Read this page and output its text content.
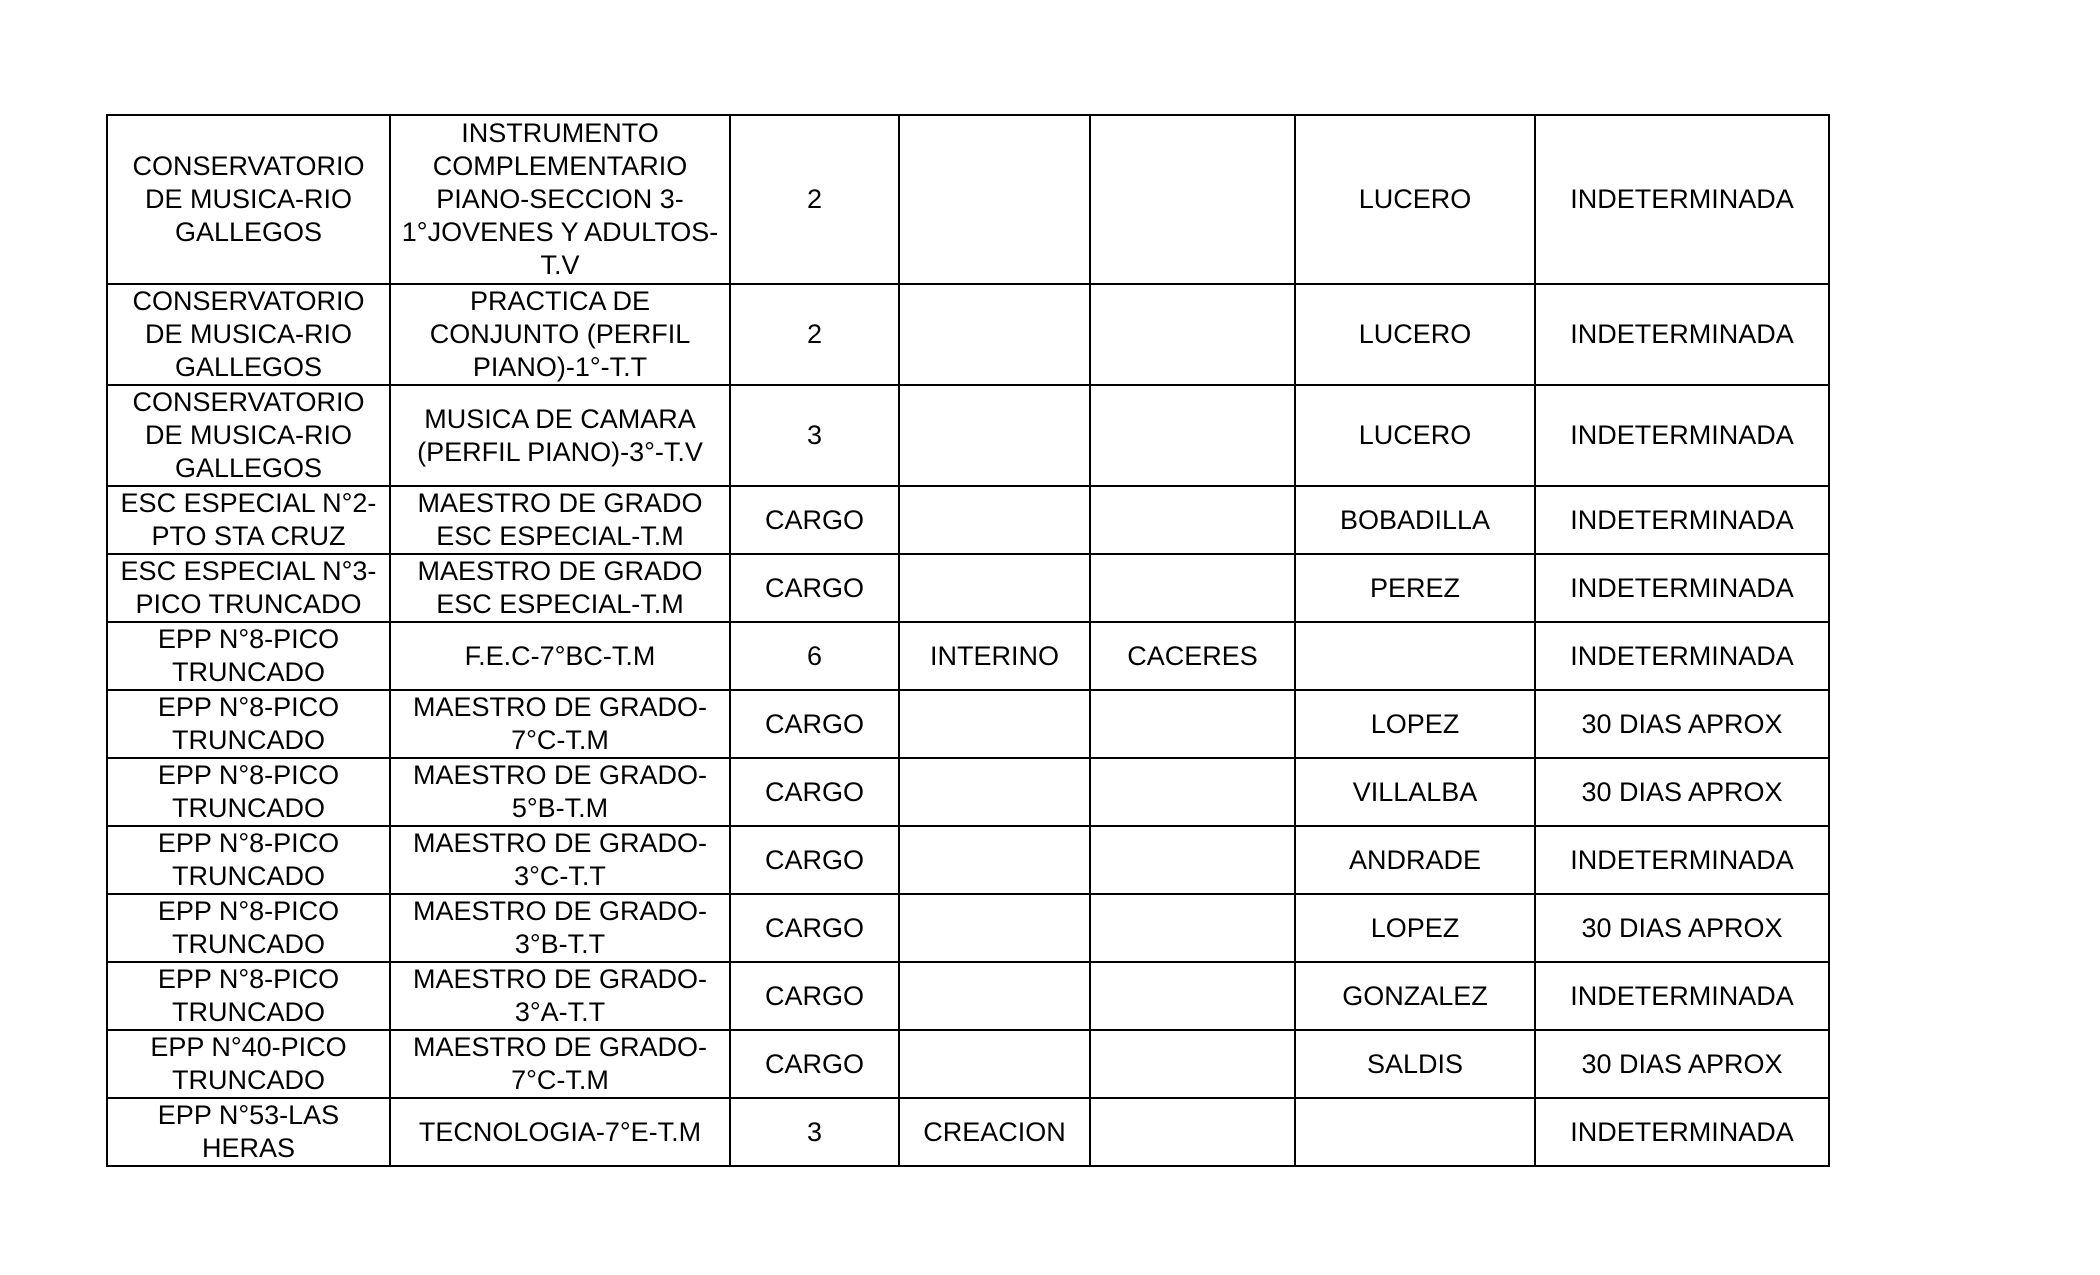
CONSERVATORIO
DE MUSICA-RIO
GALLEGOS	INSTRUMENTO
COMPLEMENTARIO
PIANO-SECCION 3-
1°JOVENES Y ADULTOS-
T.V	2			LUCERO	INDETERMINADA
CONSERVATORIO
DE MUSICA-RIO
GALLEGOS	PRACTICA DE
CONJUNTO (PERFIL
PIANO)-1°-T.T	2			LUCERO	INDETERMINADA
CONSERVATORIO
DE MUSICA-RIO
GALLEGOS	MUSICA DE CAMARA
(PERFIL PIANO)-3°-T.V	3			LUCERO	INDETERMINADA
ESC ESPECIAL N°2-
PTO STA CRUZ	MAESTRO DE GRADO
ESC ESPECIAL-T.M	CARGO			BOBADILLA	INDETERMINADA
ESC ESPECIAL N°3-
PICO TRUNCADO	MAESTRO DE GRADO
ESC ESPECIAL-T.M	CARGO			PEREZ	INDETERMINADA
EPP N°8-PICO
TRUNCADO	F.E.C-7°BC-T.M	6	INTERINO	CACERES		INDETERMINADA
EPP N°8-PICO
TRUNCADO	MAESTRO DE GRADO-
7°C-T.M	CARGO			LOPEZ	30 DIAS APROX
EPP N°8-PICO
TRUNCADO	MAESTRO DE GRADO-
5°B-T.M	CARGO			VILLALBA	30 DIAS APROX
EPP N°8-PICO
TRUNCADO	MAESTRO DE GRADO-
3°C-T.T	CARGO			ANDRADE	INDETERMINADA
EPP N°8-PICO
TRUNCADO	MAESTRO DE GRADO-
3°B-T.T	CARGO			LOPEZ	30 DIAS APROX
EPP N°8-PICO
TRUNCADO	MAESTRO DE GRADO-
3°A-T.T	CARGO			GONZALEZ	INDETERMINADA
EPP N°40-PICO
TRUNCADO	MAESTRO DE GRADO-
7°C-T.M	CARGO			SALDIS	30 DIAS APROX
EPP N°53-LAS
HERAS	TECNOLOGIA-7°E-T.M	3	CREACION			INDETERMINADA
